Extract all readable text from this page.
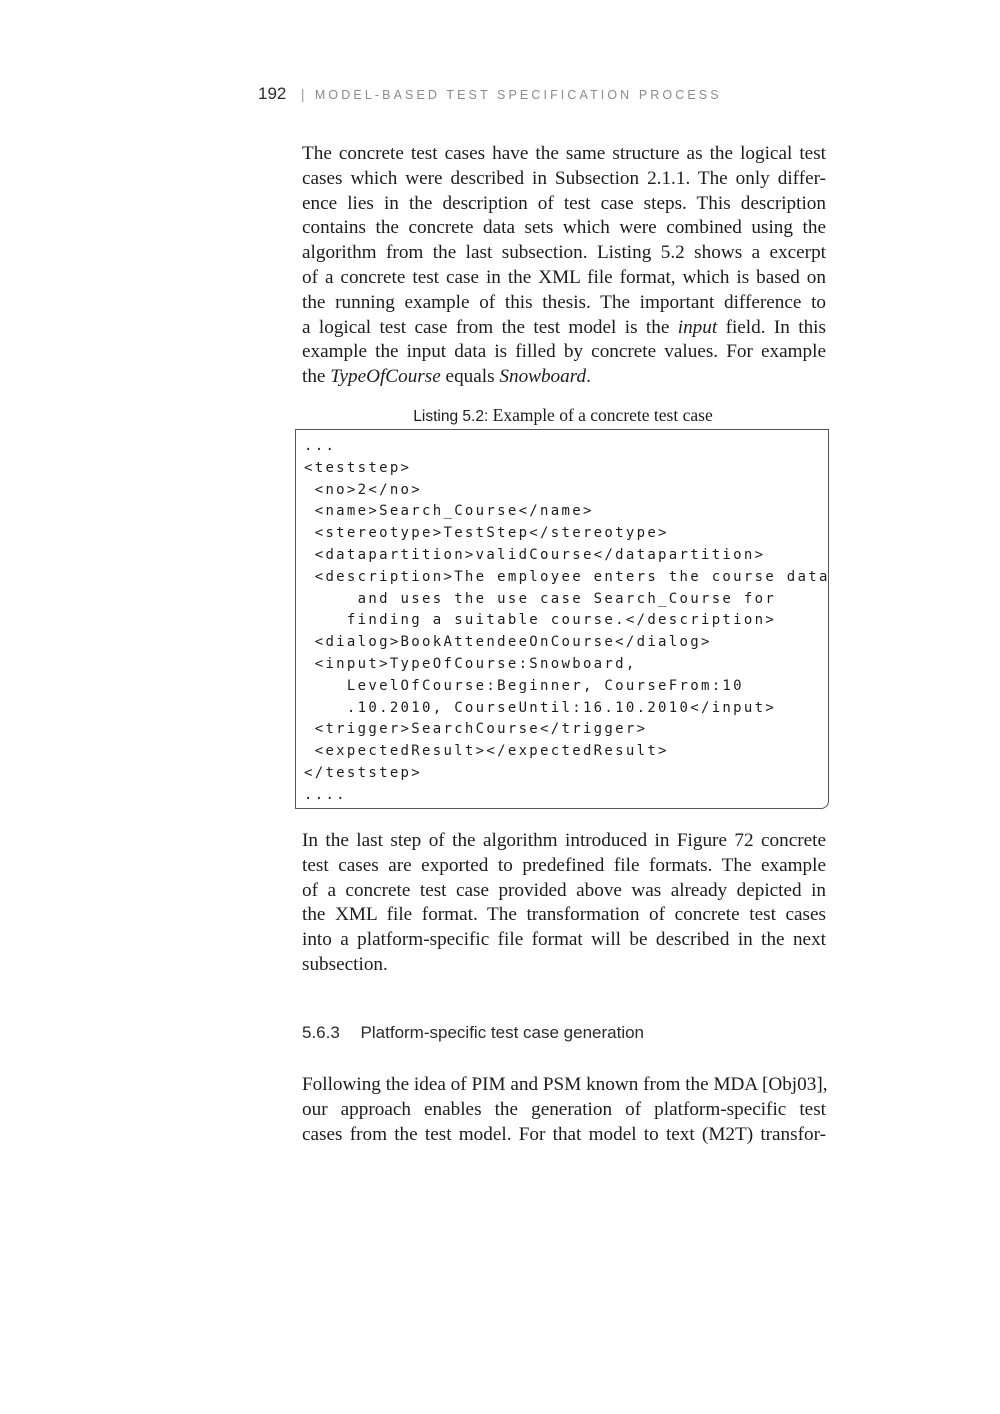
192 | MODEL-BASED TEST SPECIFICATION PROCESS
The concrete test cases have the same structure as the logical test
cases which were described in Subsection 2.1.1. The only differ-
ence lies in the description of test case steps. This description
contains the concrete data sets which were combined using the
algorithm from the last subsection. Listing 5.2 shows a excerpt
of a concrete test case in the XML file format, which is based on
the running example of this thesis. The important difference to
a logical test case from the test model is the input field. In this
example the input data is filled by concrete values. For example
the TypeOfCourse equals Snowboard.
Listing 5.2: Example of a concrete test case
...
<teststep>
<no>2</no>
<name>Search_Course</name>
<stereotype>TestStep</stereotype>
<datapartition>validCourse</datapartition>
<description>The employee enters the course data
and uses the use case Search_Course for
finding a suitable course.</description>
<dialog>BookAttendeeOnCourse</dialog>
<input>TypeOfCourse:Snowboard,
LevelOfCourse:Beginner, CourseFrom:10
.10.2010, CourseUntil:16.10.2010</input>
<trigger>SearchCourse</trigger>
<expectedResult></expectedResult>
</teststep>
....
In the last step of the algorithm introduced in Figure 72 concrete
test cases are exported to predefined file formats. The example
of a concrete test case provided above was already depicted in
the XML file format. The transformation of concrete test cases
into a platform-specific file format will be described in the next
subsection.
5.6.3 Platform-specific test case generation
Following the idea of PIM and PSM known from the MDA [Obj03],
our approach enables the generation of platform-specific test
cases from the test model. For that model to text (M2T) transfor-
